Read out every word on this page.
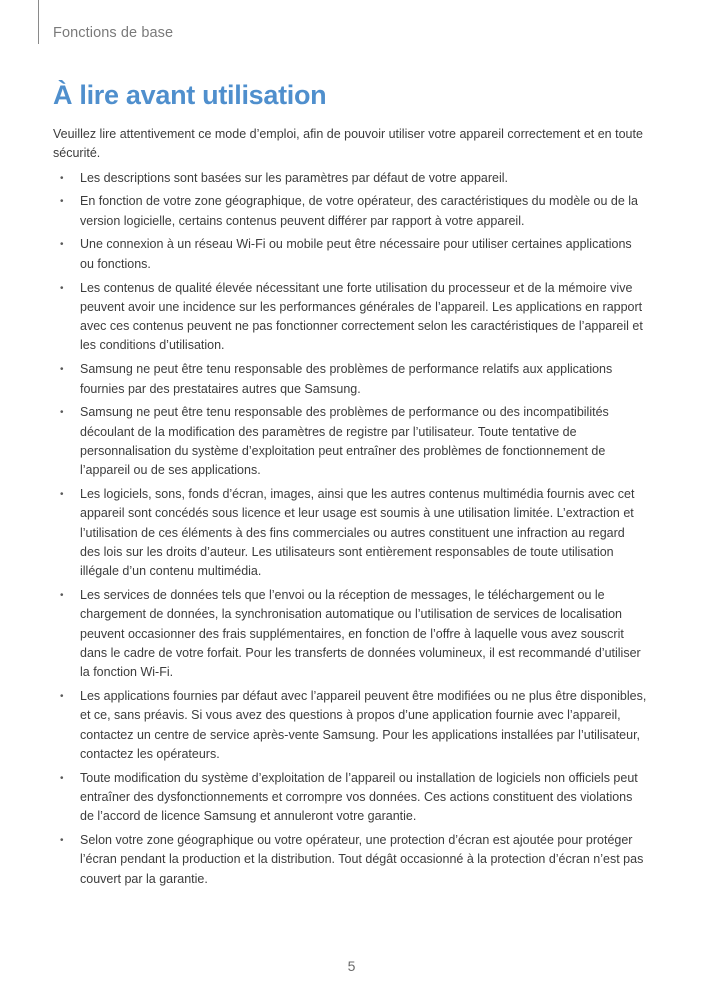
Fonctions de base
À lire avant utilisation

Veuillez lire attentivement ce mode d’emploi, afin de pouvoir utiliser votre appareil correctement et en toute sécurité.

• Les descriptions sont basées sur les paramètres par défaut de votre appareil.
• En fonction de votre zone géographique, de votre opérateur, des caractéristiques du modèle ou de la version logicielle, certains contenus peuvent différer par rapport à votre appareil.
• Une connexion à un réseau Wi-Fi ou mobile peut être nécessaire pour utiliser certaines applications ou fonctions.
• Les contenus de qualité élevée nécessitant une forte utilisation du processeur et de la mémoire vive peuvent avoir une incidence sur les performances générales de l’appareil. Les applications en rapport avec ces contenus peuvent ne pas fonctionner correctement selon les caractéristiques de l’appareil et les conditions d’utilisation.
• Samsung ne peut être tenu responsable des problèmes de performance relatifs aux applications fournies par des prestataires autres que Samsung.
• Samsung ne peut être tenu responsable des problèmes de performance ou des incompatibilités découlant de la modification des paramètres de registre par l’utilisateur. Toute tentative de personnalisation du système d’exploitation peut entraîner des problèmes de fonctionnement de l’appareil ou de ses applications.
• Les logiciels, sons, fonds d’écran, images, ainsi que les autres contenus multimédia fournis avec cet appareil sont concédés sous licence et leur usage est soumis à une utilisation limitée. L’extraction et l’utilisation de ces éléments à des fins commerciales ou autres constituent une infraction au regard des lois sur les droits d’auteur. Les utilisateurs sont entièrement responsables de toute utilisation illégale d’un contenu multimédia.
• Les services de données tels que l’envoi ou la réception de messages, le téléchargement ou le chargement de données, la synchronisation automatique ou l’utilisation de services de localisation peuvent occasionner des frais supplémentaires, en fonction de l’offre à laquelle vous avez souscrit dans le cadre de votre forfait. Pour les transferts de données volumineux, il est recommandé d’utiliser la fonction Wi-Fi.
• Les applications fournies par défaut avec l’appareil peuvent être modifiées ou ne plus être disponibles, et ce, sans préavis. Si vous avez des questions à propos d’une application fournie avec l’appareil, contactez un centre de service après-vente Samsung. Pour les applications installées par l’utilisateur, contactez les opérateurs.
• Toute modification du système d’exploitation de l’appareil ou installation de logiciels non officiels peut entraîner des dysfonctionnements et corrompre vos données. Ces actions constituent des violations de l’accord de licence Samsung et annuleront votre garantie.
• Selon votre zone géographique ou votre opérateur, une protection d’écran est ajoutée pour protéger l’écran pendant la production et la distribution. Tout dégât occasionné à la protection d’écran n’est pas couvert par la garantie.
5
